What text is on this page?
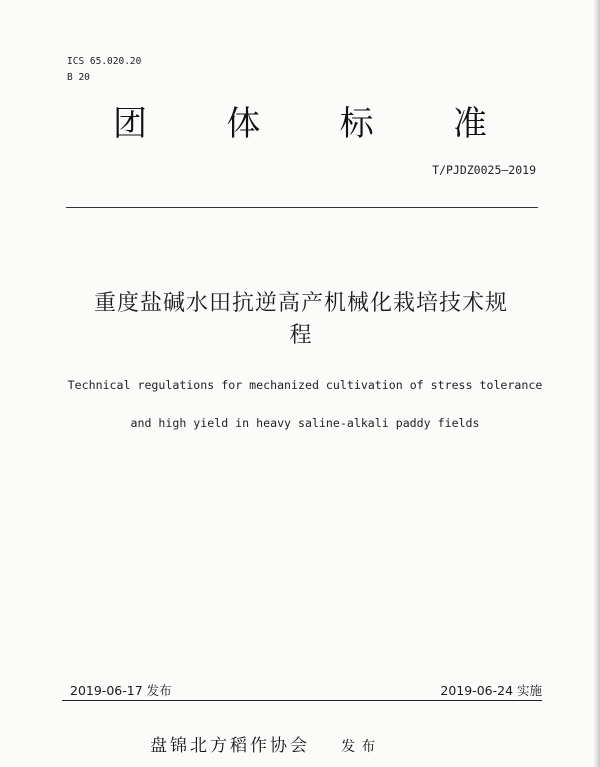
ICS 65.020.20
B 20
团	体	标	准
T/PJDZ0025—2019
重度盐碱水田抗逆高产机械化栽培技术规
程
Technical regulations for mechanized cultivation of stress tolerance
and high yield in heavy saline-alkali paddy fields
2019-06-17 发布	2019-06-24 实施
盘锦北方稻作协会 发布
